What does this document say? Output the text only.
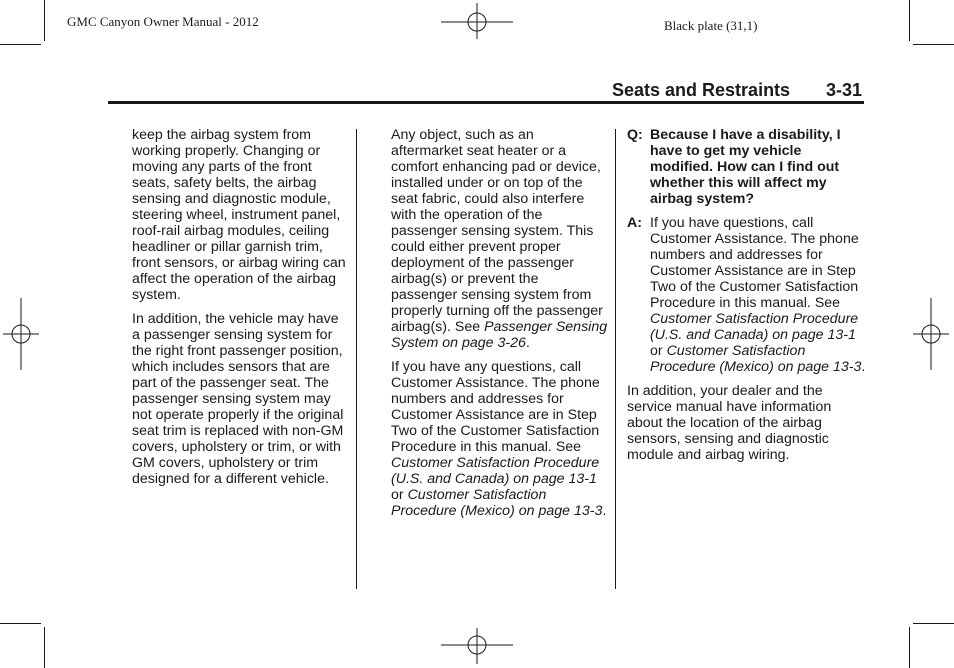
GMC Canyon Owner Manual - 2012	Black plate (31,1)
Seats and Restraints 3-31

keep the airbag system from working properly. Changing or moving any parts of the front seats, safety belts, the airbag sensing and diagnostic module, steering wheel, instrument panel, roof-rail airbag modules, ceiling headliner or pillar garnish trim, front sensors, or airbag wiring can affect the operation of the airbag system.

In addition, the vehicle may have a passenger sensing system for the right front passenger position, which includes sensors that are part of the passenger seat. The passenger sensing system may not operate properly if the original seat trim is replaced with non-GM covers, upholstery or trim, or with GM covers, upholstery or trim designed for a different vehicle.

Any object, such as an aftermarket seat heater or a comfort enhancing pad or device, installed under or on top of the seat fabric, could also interfere with the operation of the passenger sensing system. This could either prevent proper deployment of the passenger airbag(s) or prevent the passenger sensing system from properly turning off the passenger airbag(s). See Passenger Sensing System on page 3-26.

If you have any questions, call Customer Assistance. The phone numbers and addresses for Customer Assistance are in Step Two of the Customer Satisfaction Procedure in this manual. See Customer Satisfaction Procedure (U.S. and Canada) on page 13-1 or Customer Satisfaction Procedure (Mexico) on page 13-3.

Q: Because I have a disability, I have to get my vehicle modified. How can I find out whether this will affect my airbag system?
A: If you have questions, call Customer Assistance. The phone numbers and addresses for Customer Assistance are in Step Two of the Customer Satisfaction Procedure in this manual. See Customer Satisfaction Procedure (U.S. and Canada) on page 13-1 or Customer Satisfaction Procedure (Mexico) on page 13-3.

In addition, your dealer and the service manual have information about the location of the airbag sensors, sensing and diagnostic module and airbag wiring.
